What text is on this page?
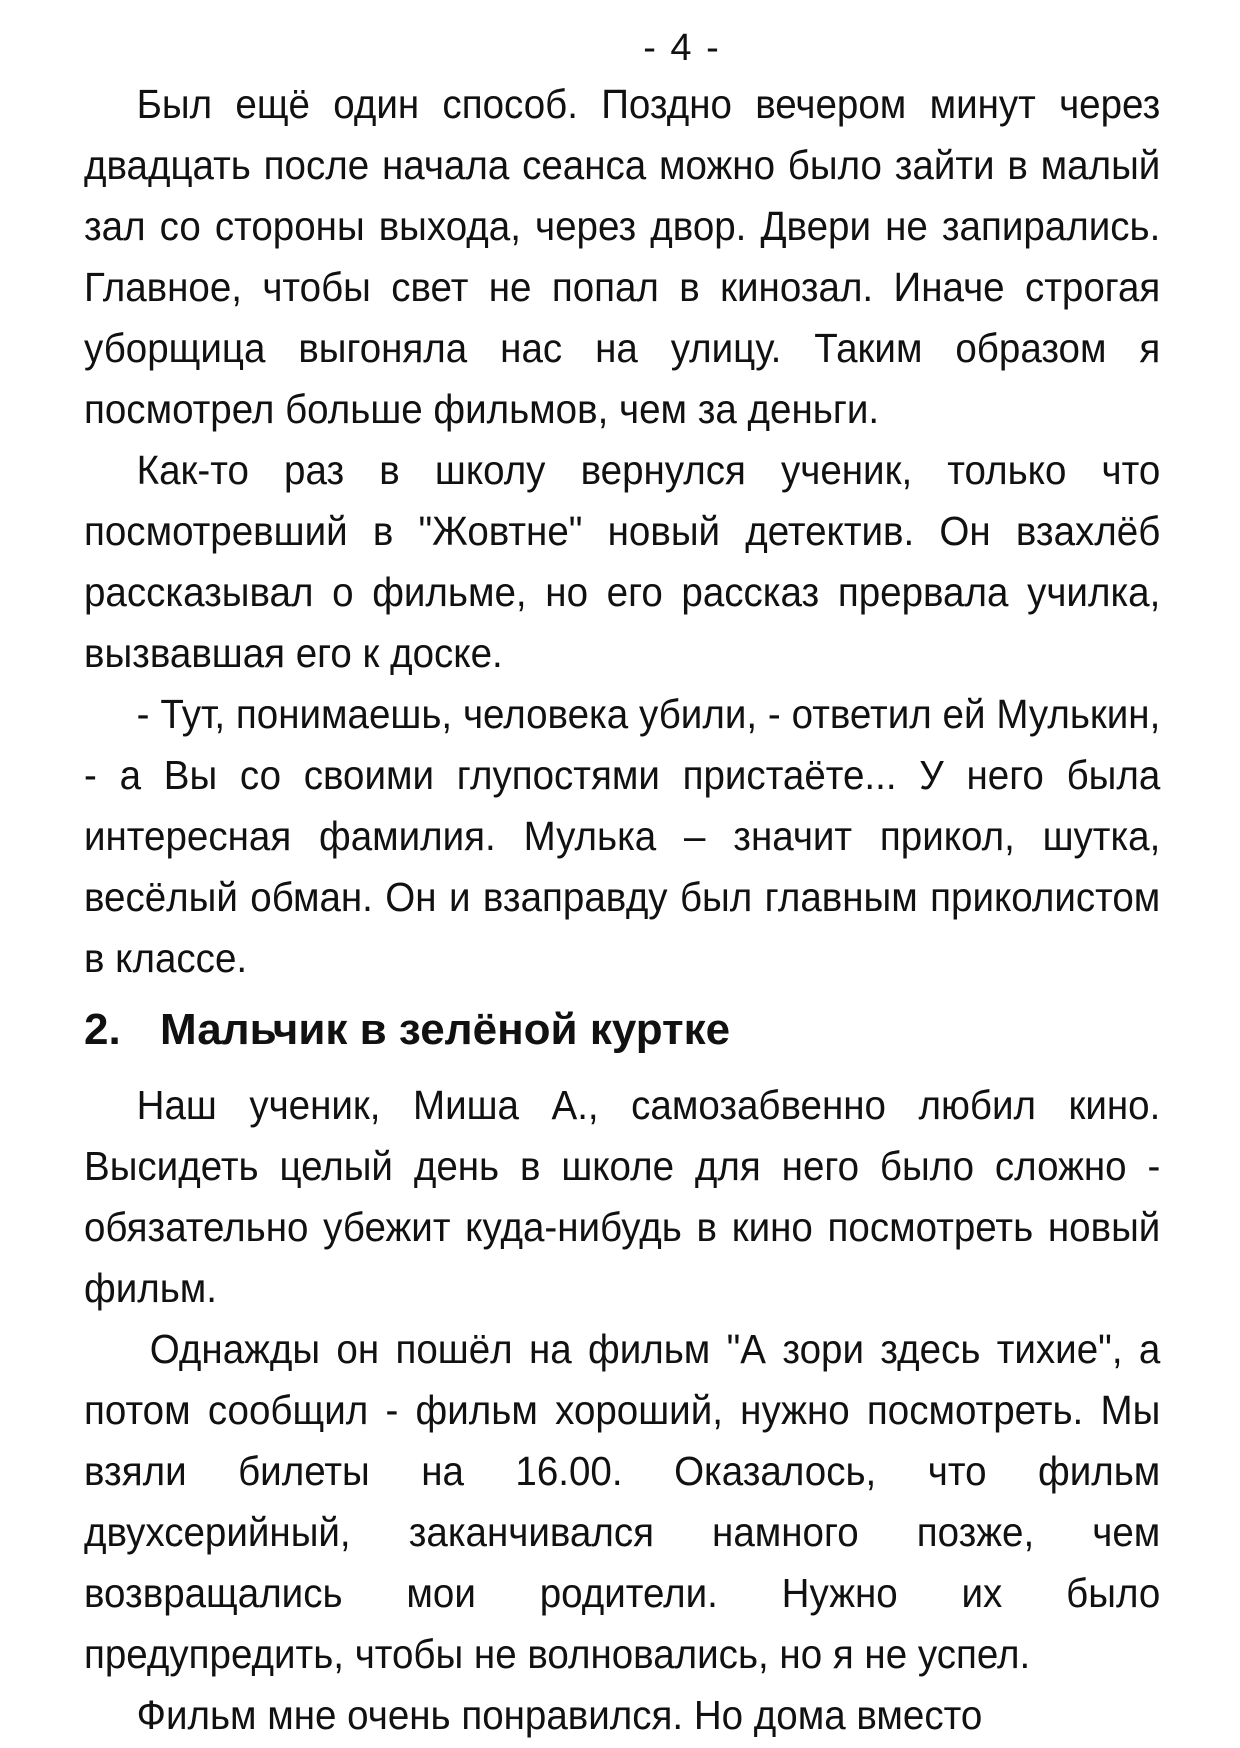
- 4 -

Был ещё один способ. Поздно вечером минут через двадцать после начала сеанса можно было зайти в малый зал со стороны выхода, через двор. Двери не запирались. Главное, чтобы свет не попал в кинозал. Иначе строгая уборщица выгоняла нас на улицу. Таким образом я посмотрел больше фильмов, чем за деньги.

Как-то раз в школу вернулся ученик, только что посмотревший в "Жовтне" новый детектив. Он взахлёб рассказывал о фильме, но его рассказ прервала училка, вызвавшая его к доске.

- Тут, понимаешь, человека убили, - ответил ей Мулькин, - а Вы со своими глупостями пристаёте... У него была интересная фамилия. Мулька – значит прикол, шутка, весёлый обман. Он и взаправду был главным приколистом в классе.

2. Мальчик в зелёной куртке

Наш ученик, Миша А., самозабвенно любил кино. Высидеть целый день в школе для него было сложно - обязательно убежит куда-нибудь в кино посмотреть новый фильм.

Однажды он пошёл на фильм "А зори здесь тихие", а потом сообщил - фильм хороший, нужно посмотреть. Мы взяли билеты на 16.00. Оказалось, что фильм двухсерийный, заканчивался намного позже, чем возвращались мои родители. Нужно их было предупредить, чтобы не волновались, но я не успел.

Фильм мне очень понравился. Но дома вместо
